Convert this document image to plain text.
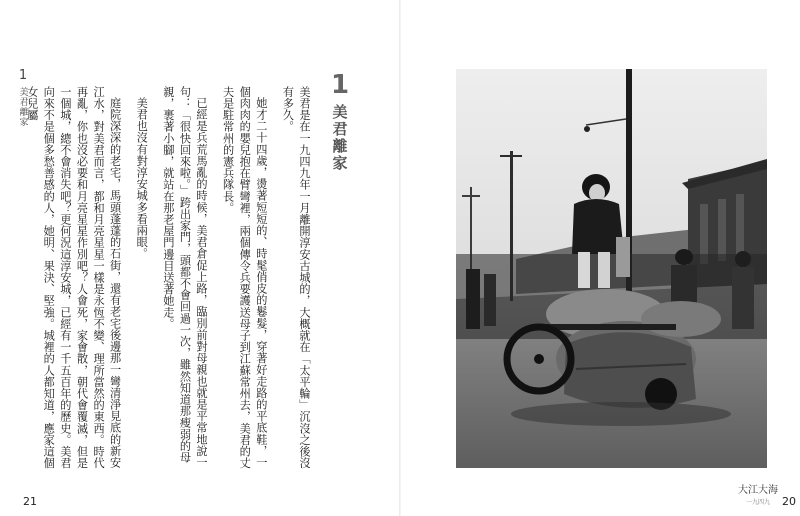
1
美君離家	美君是在一九四九年一月離開淳安古城的，大概就在「太平輪」沉沒之後沒有多久。

她才二十四歲，燙著短短的、時髦俏皮的鬈髮，穿著好走路的平底鞋，一個肉肉的嬰兒抱在臂彎裡，兩個傳令兵要護送母子到江蘇常州去，美君的丈夫是駐常州的憲兵隊長。

已經是兵荒馬亂的時候，美君倉促上路，臨別前對母親也就是平常地說一句：「很快回來啦。」跨出家門，頭都不會回過一次，雖然知道那瘦弱的母親，裹著小腳，就站在那老屋門邊目送著她走。

美君也沒有對淳安城多看兩眼。

庭院深深的老宅，馬頭蓬蓬的石街，還有老宅後邊那一彎清淨見底的新安江水，對美君而言，都和月亮星星一樣是永恆不變、理所當然的東西。時代再亂，你也沒必要和月亮星星作別吧？人會死，家會散，朝代會覆滅，但是一個城，總不會消失吧？更何況這淳安城，已經有一千五百年的歷史。美君向來不是個多愁善感的人，她明、果決、堅強。城裡的人都知道，應家這個女兒屬

1
美君離家
21
大江大海
一九四九	20
